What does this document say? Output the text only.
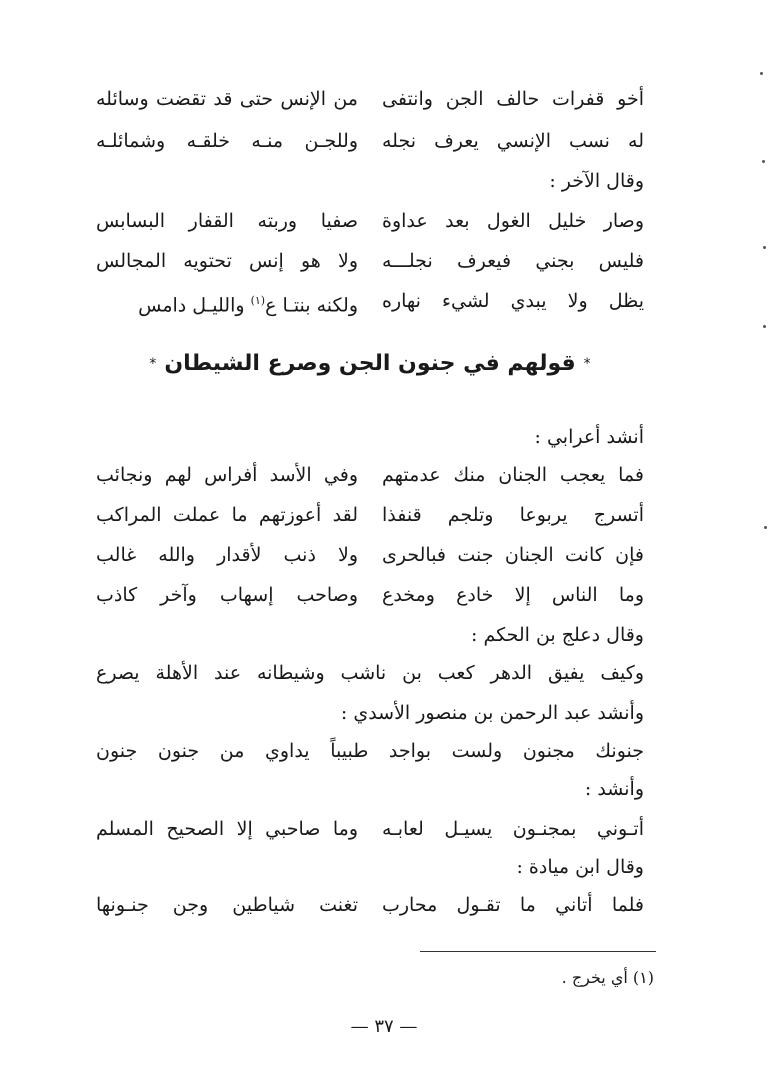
أخو قفرات حالف الجن وانتفى
من الإنس حتى قد تقضت وسائله
له نسب الإنسي يعرف نجله
وللجـن منـه خلقـه وشمائلـه
وقال الآخر :
وصار خليل الغول بعد عداوة
صفيا وربته القفار البسابس
فليس بجني فيعرف نجلـــه
ولا هو إنس تحتويه المجالس
يظل ولا يبدي لشيء نهاره
ولكنه بنتـا ع$^{(١)}$ والليـل دامس
*قولهم في جنون الجن وصرع الشيطان*
أنشد أعرابي :
فما يعجب الجنان منك عدمتهم
وفي الأسد أفراس لهم ونجائب
أتسرج يربوعا وتلجم قنفذا
لقد أعوزتهم ما عملت المراكب
فإن كانت الجنان جنت فبالحرى
ولا ذنب لأقدار والله غالب
وما الناس إلا خادع ومخدع
وصاحب إسهاب وآخر كاذب
وقال دعلج بن الحكم :
وكيف يفيق الدهر كعب بن ناشب وشيطانه عند الأهلة يصرع
وأنشد عبد الرحمن بن منصور الأسدي :
جنونك مجنون ولست بواجد طبيباً يداوي من جنون جنون
وأنشد :
أتـوني بمجنـون يسيـل لعابـه
وما صاحبي إلا الصحيح المسلم
وقال ابن ميادة :
فلما أتاني ما تقـول محارب
تغنت شياطين وجن جنـونها
(١) أي يخرج .
— ٣٧ —
